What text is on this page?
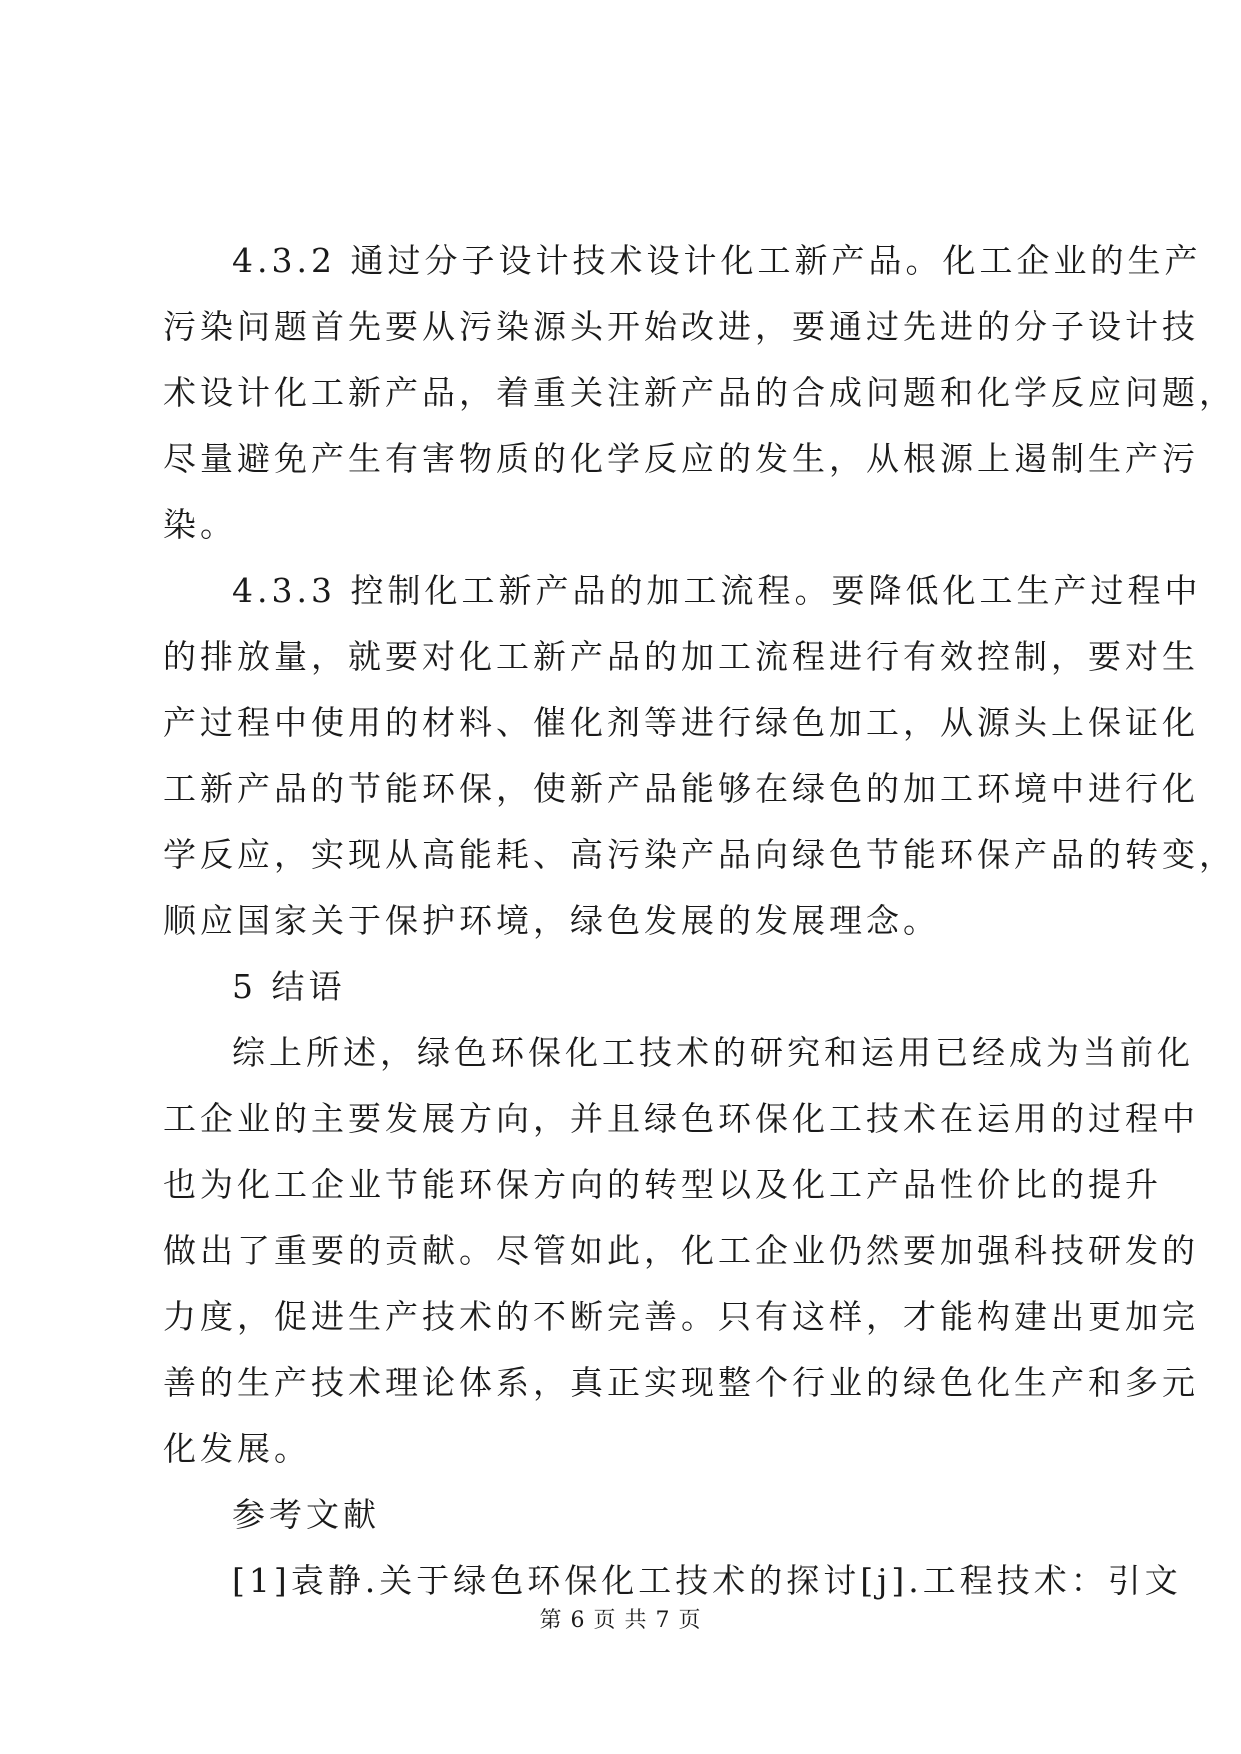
4.3.2 通过分子设计技术设计化工新产品。化工企业的生产
污染问题首先要从污染源头开始改进，要通过先进的分子设计技
术设计化工新产品，着重关注新产品的合成问题和化学反应问题，
尽量避免产生有害物质的化学反应的发生，从根源上遏制生产污
染。
4.3.3 控制化工新产品的加工流程。要降低化工生产过程中
的排放量，就要对化工新产品的加工流程进行有效控制，要对生
产过程中使用的材料、催化剂等进行绿色加工，从源头上保证化
工新产品的节能环保，使新产品能够在绿色的加工环境中进行化
学反应，实现从高能耗、高污染产品向绿色节能环保产品的转变，
顺应国家关于保护环境，绿色发展的发展理念。
5 结语
综上所述，绿色环保化工技术的研究和运用已经成为当前化
工企业的主要发展方向，并且绿色环保化工技术在运用的过程中
也为化工企业节能环保方向的转型以及化工产品性价比的提升
做出了重要的贡献。尽管如此，化工企业仍然要加强科技研发的
力度，促进生产技术的不断完善。只有这样，才能构建出更加完
善的生产技术理论体系，真正实现整个行业的绿色化生产和多元
化发展。
参考文献
[1]袁静.关于绿色环保化工技术的探讨[j].工程技术：引文
第 6 页 共 7 页
